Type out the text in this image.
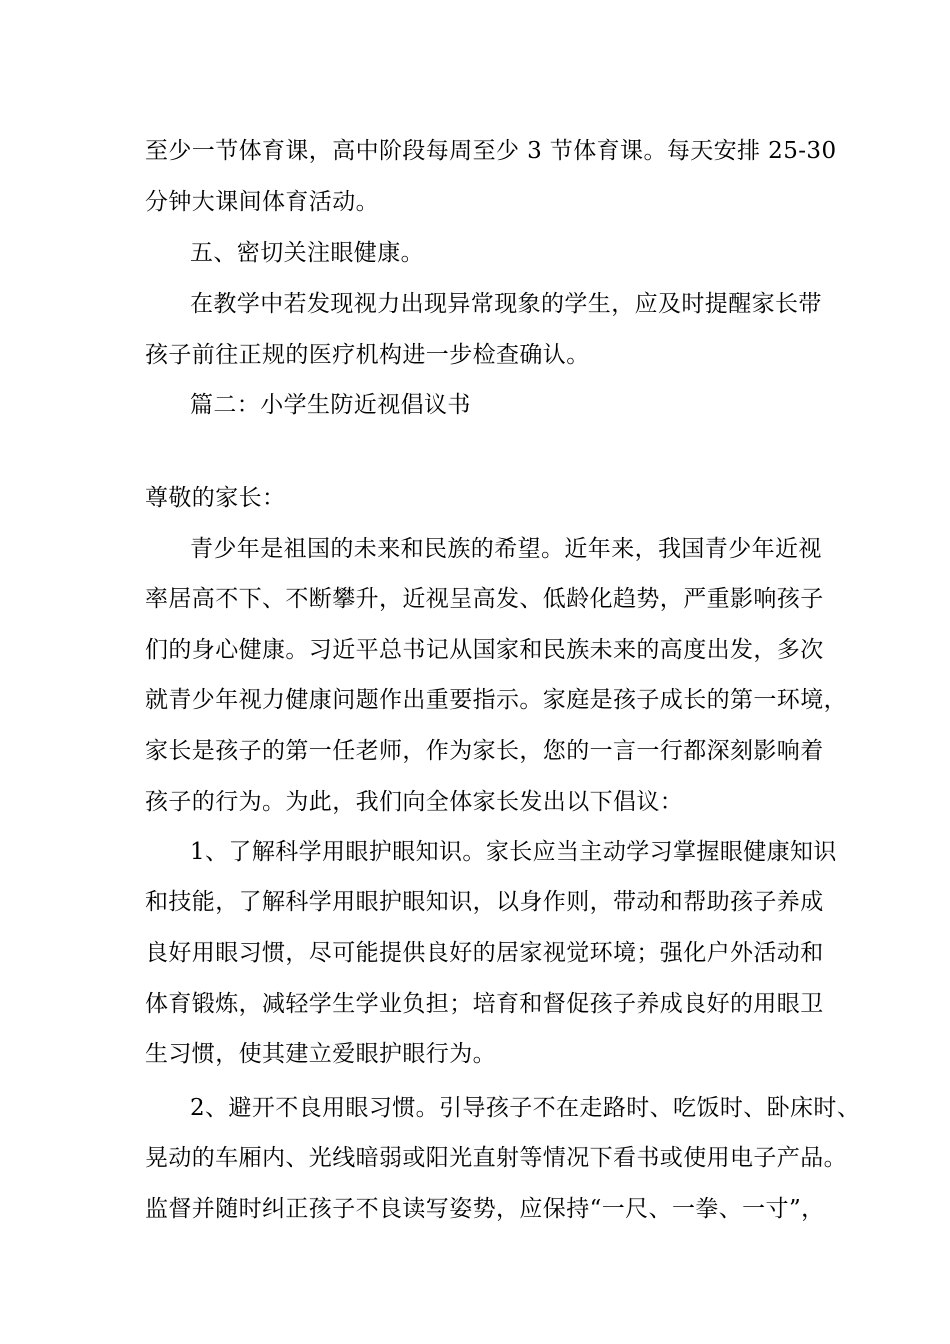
至少一节体育课，高中阶段每周至少 3 节体育课。每天安排 25-30
分钟大课间体育活动。
五、密切关注眼健康。
在教学中若发现视力出现异常现象的学生，应及时提醒家长带
孩子前往正规的医疗机构进一步检查确认。
篇二：小学生防近视倡议书
尊敬的家长：
青少年是祖国的未来和民族的希望。近年来，我国青少年近视
率居高不下、不断攀升，近视呈高发、低龄化趋势，严重影响孩子
们的身心健康。习近平总书记从国家和民族未来的高度出发，多次
就青少年视力健康问题作出重要指示。家庭是孩子成长的第一环境，
家长是孩子的第一任老师，作为家长，您的一言一行都深刻影响着
孩子的行为。为此，我们向全体家长发出以下倡议：
1、了解科学用眼护眼知识。家长应当主动学习掌握眼健康知识
和技能，了解科学用眼护眼知识，以身作则，带动和帮助孩子养成
良好用眼习惯，尽可能提供良好的居家视觉环境；强化户外活动和
体育锻炼，减轻学生学业负担；培育和督促孩子养成良好的用眼卫
生习惯，使其建立爱眼护眼行为。
2、避开不良用眼习惯。引导孩子不在走路时、吃饭时、卧床时、
晃动的车厢内、光线暗弱或阳光直射等情况下看书或使用电子产品。
监督并随时纠正孩子不良读写姿势，应保持“一尺、一拳、一寸”，
